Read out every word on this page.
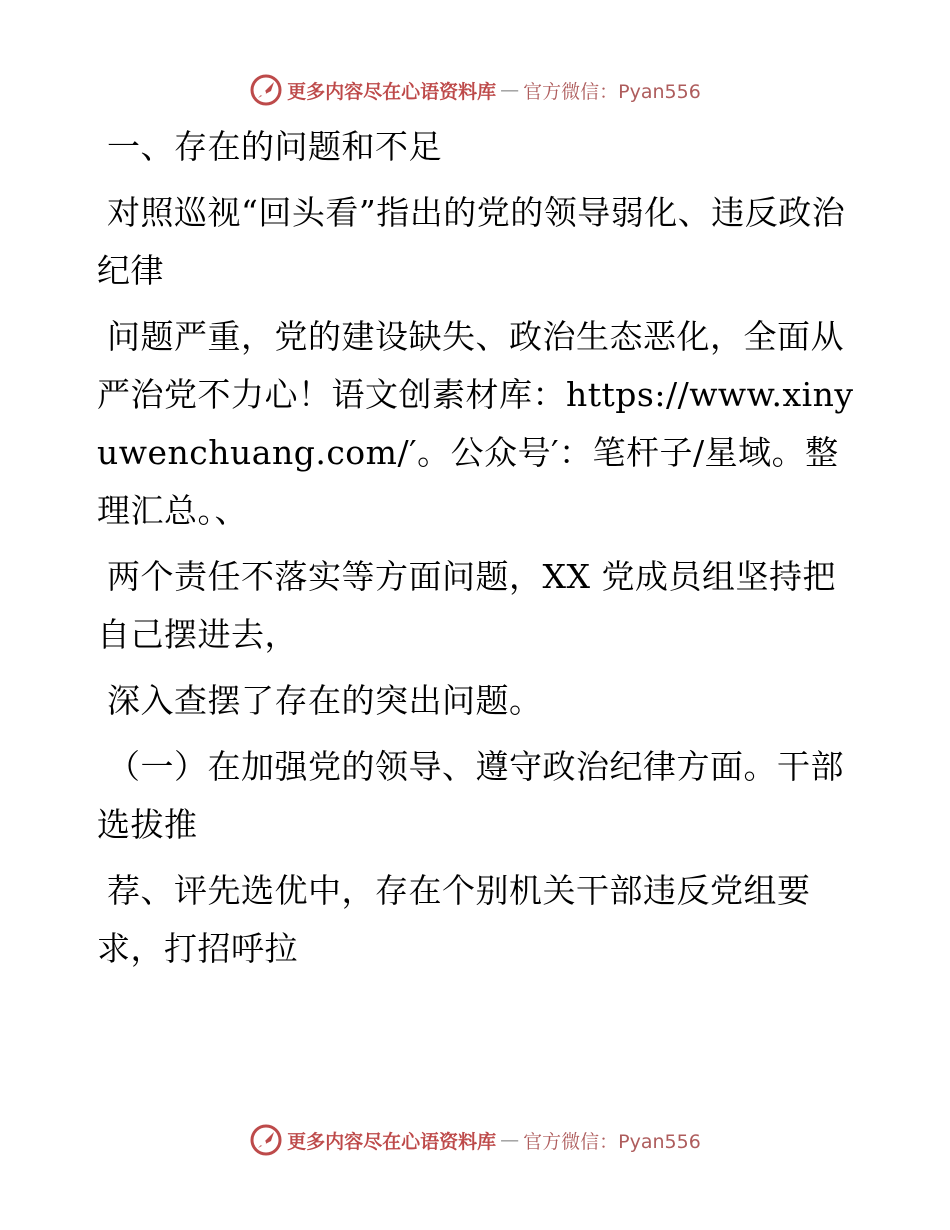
更多内容尽在心语资料库 — 官方微信：Pyan556

一、存在的问题和不足

对照巡视“回头看”指出的党的领导弱化、违反政治纪律

问题严重，党的建设缺失、政治生态恶化，全面从严治党不力心！语文创素材库：https://www.xinyuwenchuang.com/′。公众号′：笔杆子/星域。整理汇总。、

两个责任不落实等方面问题，XX 党成员组坚持把自己摆进去，

深入查摆了存在的突出问题。

（一）在加强党的领导、遵守政治纪律方面。干部选拔推

荐、评先选优中，存在个别机关干部违反党组要求，打招呼拉

更多内容尽在心语资料库 — 官方微信：Pyan556
